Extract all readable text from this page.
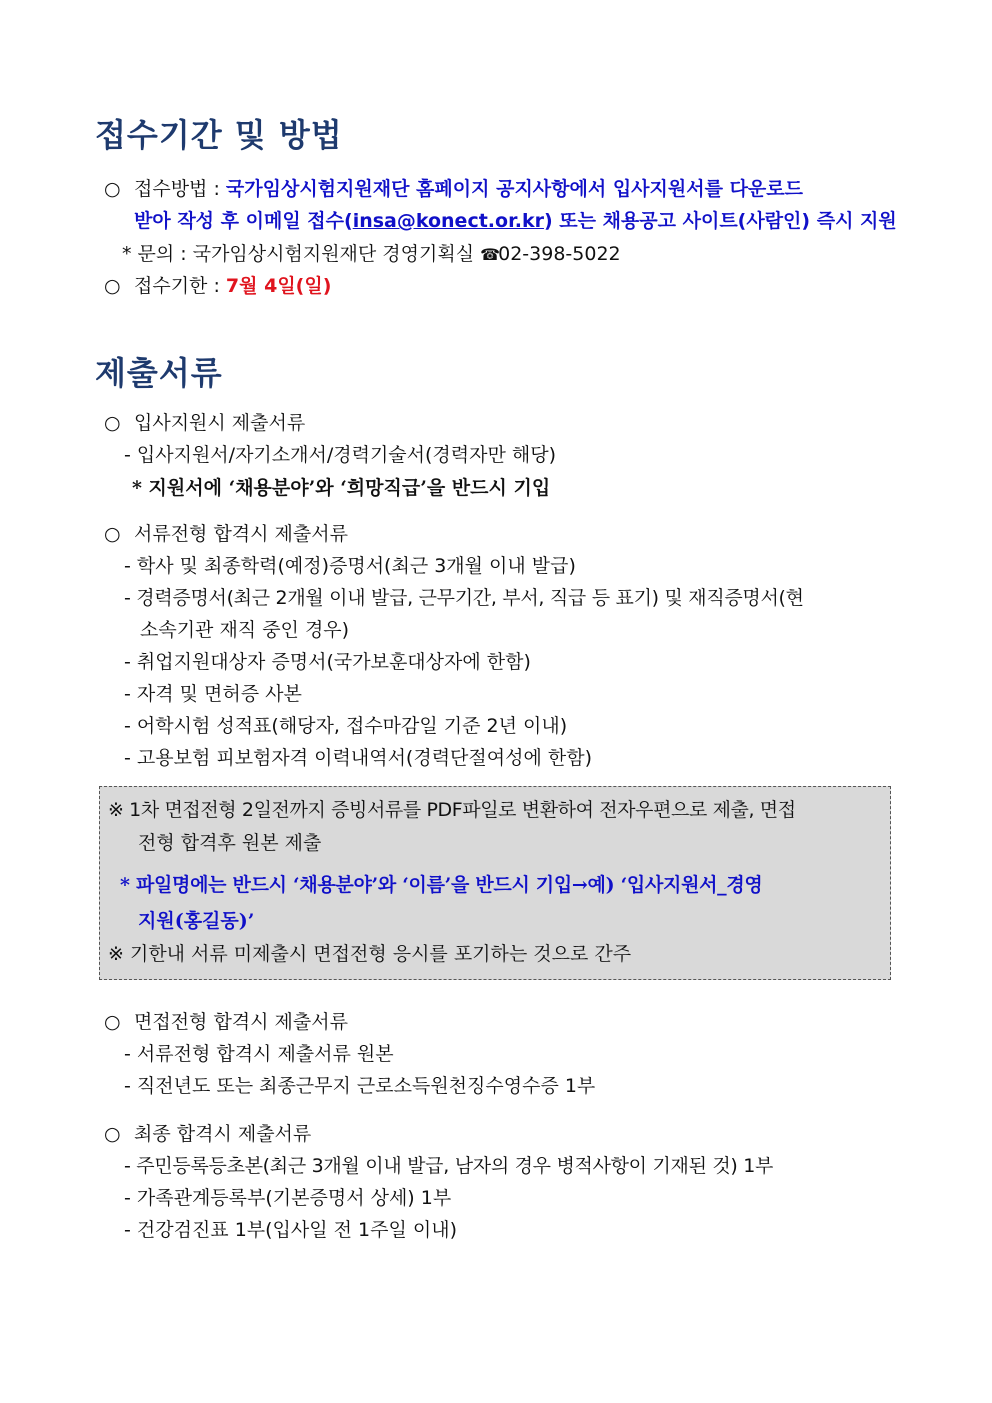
접수기간 및 방법
○ 접수방법 : 국가임상시험지원재단 홈페이지 공지사항에서 입사지원서를 다운로드
받아 작성 후 이메일 접수(insa@konect.or.kr) 또는 채용공고 사이트(사람인) 즉시 지원
* 문의 : 국가임상시험지원재단 경영기획실 ☎02-398-5022
○ 접수기한 : 7월 4일(일)
제출서류
○ 입사지원시 제출서류
- 입사지원서/자기소개서/경력기술서(경력자만 해당)
* 지원서에 ‘채용분야’와 ‘희망직급’을 반드시 기입
○ 서류전형 합격시 제출서류
- 학사 및 최종학력(예정)증명서(최근 3개월 이내 발급)
- 경력증명서(최근 2개월 이내 발급, 근무기간, 부서, 직급 등 표기) 및 재직증명서(현
소속기관 재직 중인 경우)
- 취업지원대상자 증명서(국가보훈대상자에 한함)
- 자격 및 면허증 사본
- 어학시험 성적표(해당자, 접수마감일 기준 2년 이내)
- 고용보험 피보험자격 이력내역서(경력단절여성에 한함)
※ 1차 면접전형 2일전까지 증빙서류를 PDF파일로 변환하여 전자우편으로 제출, 면접
전형 합격후 원본 제출
* 파일명에는 반드시 ‘채용분야’와 ‘이름’을 반드시 기입→예) ‘입사지원서_경영
지원(홍길동)’
※ 기한내 서류 미제출시 면접전형 응시를 포기하는 것으로 간주
○ 면접전형 합격시 제출서류
- 서류전형 합격시 제출서류 원본
- 직전년도 또는 최종근무지 근로소득원천징수영수증 1부
○ 최종 합격시 제출서류
- 주민등록등초본(최근 3개월 이내 발급, 남자의 경우 병적사항이 기재된 것) 1부
- 가족관계등록부(기본증명서 상세) 1부
- 건강검진표 1부(입사일 전 1주일 이내)
